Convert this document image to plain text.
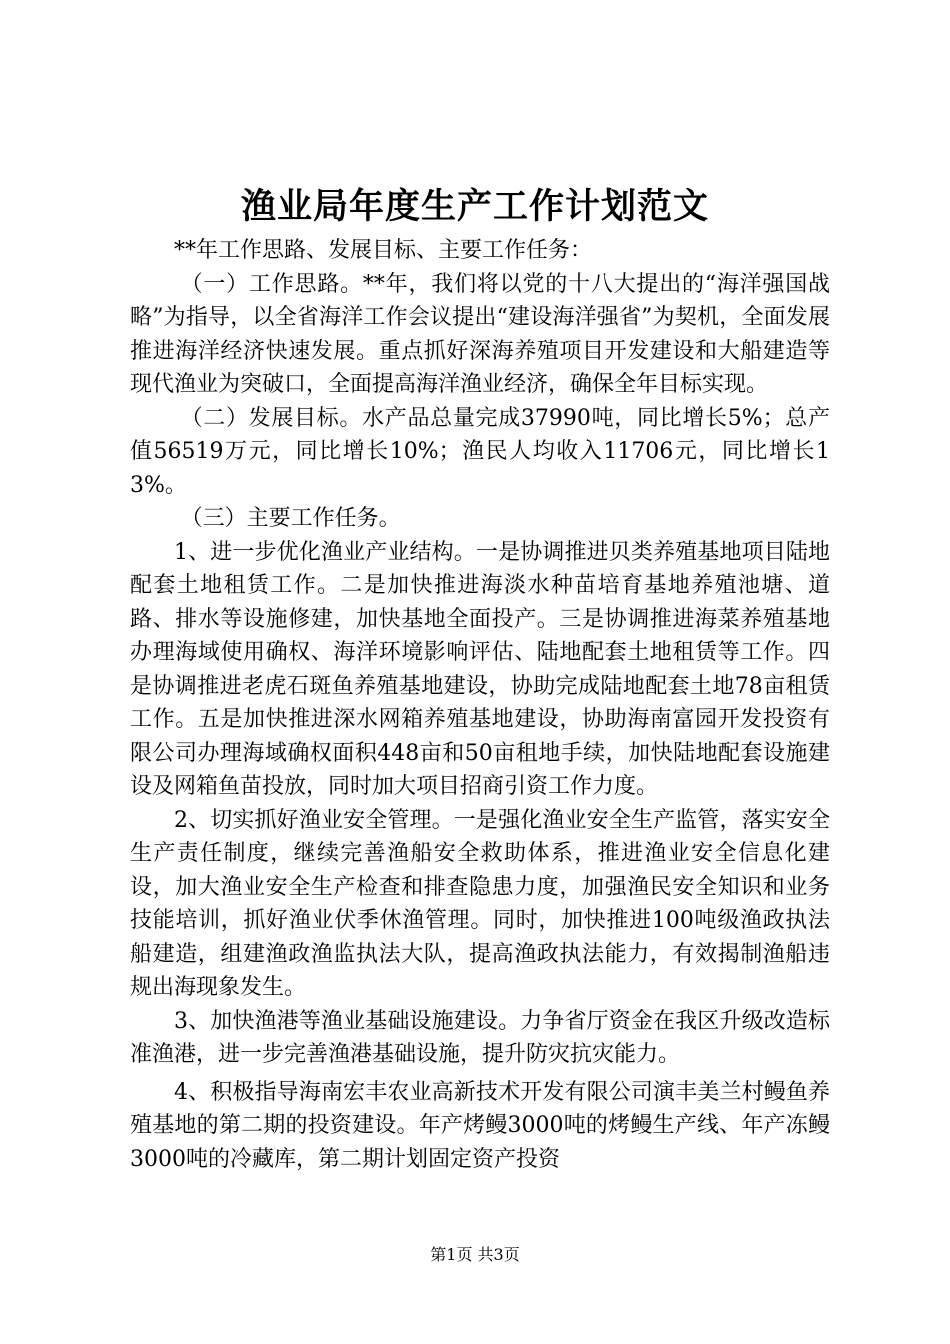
渔业局年度生产工作计划范文

**年工作思路、发展目标、主要工作任务：

（一）工作思路。**年，我们将以党的十八大提出的“海洋强国战略”为指导，以全省海洋工作会议提出“建设海洋强省”为契机，全面发展推进海洋经济快速发展。重点抓好深海养殖项目开发建设和大船建造等现代渔业为突破口，全面提高海洋渔业经济，确保全年目标实现。

（二）发展目标。水产品总量完成37990吨，同比增长5%；总产值56519万元，同比增长10%；渔民人均收入11706元，同比增长13%。

（三）主要工作任务。

1、进一步优化渔业产业结构。一是协调推进贝类养殖基地项目陆地配套土地租赁工作。二是加快推进海淡水种苗培育基地养殖池塘、道路、排水等设施修建，加快基地全面投产。三是协调推进海菜养殖基地办理海域使用确权、海洋环境影响评估、陆地配套土地租赁等工作。四是协调推进老虎石斑鱼养殖基地建设，协助完成陆地配套土地78亩租赁工作。五是加快推进深水网箱养殖基地建设，协助海南富园开发投资有限公司办理海域确权面积448亩和50亩租地手续，加快陆地配套设施建设及网箱鱼苗投放，同时加大项目招商引资工作力度。

2、切实抓好渔业安全管理。一是强化渔业安全生产监管，落实安全生产责任制度，继续完善渔船安全救助体系，推进渔业安全信息化建设，加大渔业安全生产检查和排查隐患力度，加强渔民安全知识和业务技能培训，抓好渔业伏季休渔管理。同时，加快推进100吨级渔政执法船建造，组建渔政渔监执法大队，提高渔政执法能力，有效揭制渔船违规出海现象发生。

3、加快渔港等渔业基础设施建设。力争省厅资金在我区升级改造标准渔港，进一步完善渔港基础设施，提升防灾抗灾能力。

4、积极指导海南宏丰农业高新技术开发有限公司演丰美兰村鳗鱼养殖基地的第二期的投资建设。年产烤鳗3000吨的烤鳗生产线、年产冻鳗3000吨的冷藏库，第二期计划固定资产投资

第1页 共3页
